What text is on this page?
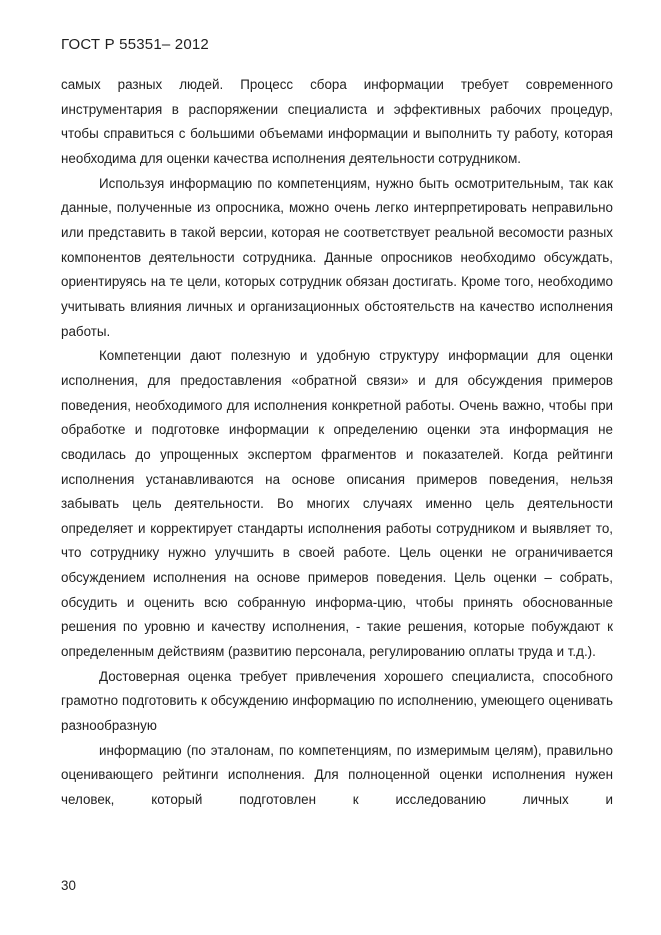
ГОСТ Р 55351– 2012

самых разных людей. Процесс сбора информации требует современного инструментария в распоряжении специалиста и эффективных рабочих процедур, чтобы справиться с большими объемами информации и выполнить ту работу, которая необходима для оценки качества исполнения деятельности сотрудником.

Используя информацию по компетенциям, нужно быть осмотрительным, так как данные, полученные из опросника, можно очень легко интерпретировать неправильно или представить в такой версии, которая не соответствует реальной весомости разных компонентов деятельности сотрудника. Данные опросников необходимо обсуждать, ориентируясь на те цели, которых сотрудник обязан достигать. Кроме того, необходимо учитывать влияния личных и организационных обстоятельств на качество исполнения работы.

Компетенции дают полезную и удобную структуру информации для оценки исполнения, для предоставления «обратной связи» и для обсуждения примеров поведения, необходимого для исполнения конкретной работы. Очень важно, чтобы при обработке и подготовке информации к определению оценки эта информация не сводилась до упрощенных экспертом фрагментов и показателей. Когда рейтинги исполнения устанавливаются на основе описания примеров поведения, нельзя забывать цель деятельности. Во многих случаях именно цель деятельности определяет и корректирует стандарты исполнения работы сотрудником и выявляет то, что сотруднику нужно улучшить в своей работе. Цель оценки не ограничивается обсуждением исполнения на основе примеров поведения. Цель оценки – собрать, обсудить и оценить всю собранную информа-цию, чтобы принять обоснованные решения по уровню и качеству исполнения, - такие решения, которые побуждают к определенным действиям (развитию персонала, регулированию оплаты труда и т.д.).

Достоверная оценка требует привлечения хорошего специалиста, способного грамотно подготовить к обсуждению информацию по исполнению, умеющего оценивать разнообразную

информацию (по эталонам, по компетенциям, по измеримым целям), правильно оценивающего рейтинги исполнения. Для полноценной оценки исполнения нужен человек, который подготовлен к исследованию личных и

30
